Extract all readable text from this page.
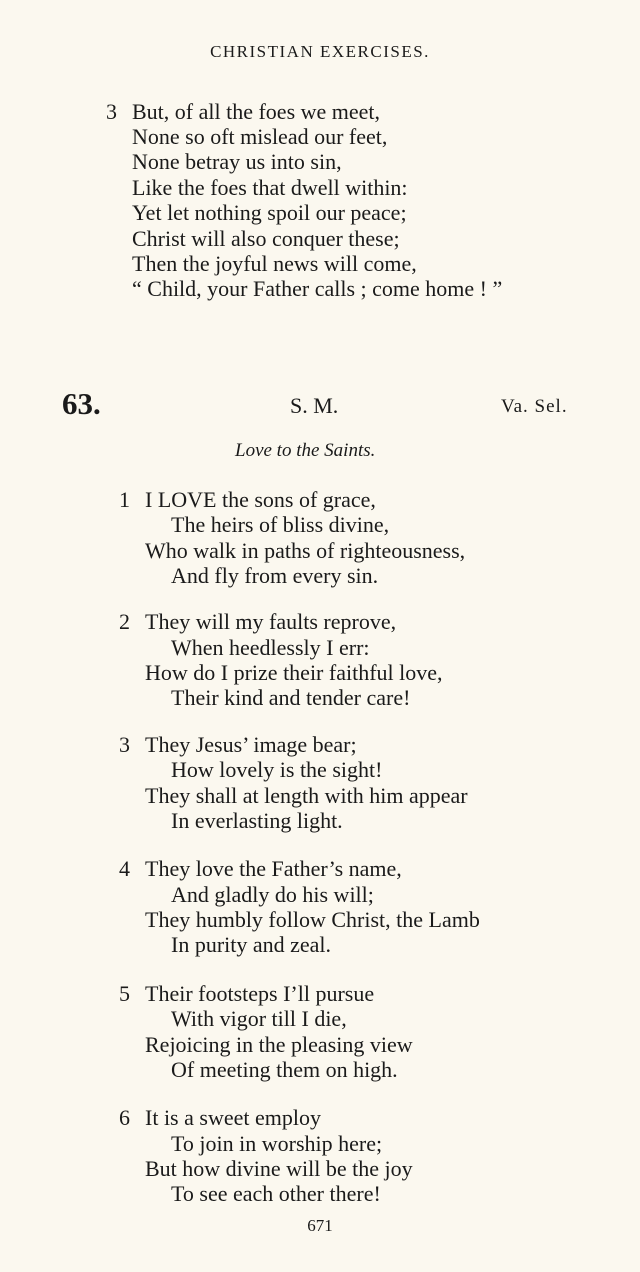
CHRISTIAN EXERCISES.
3 But, of all the foes we meet,
None so oft mislead our feet,
None betray us into sin,
Like the foes that dwell within:
Yet let nothing spoil our peace;
Christ will also conquer these;
Then the joyful news will come,
“ Child, your Father calls ; come home ! ”
63.	S. M.	Va. Sel.
Love to the Saints.
1 I LOVE the sons of grace,
The heirs of bliss divine,
Who walk in paths of righteousness,
And fly from every sin.
2 They will my faults reprove,
When heedlessly I err:
How do I prize their faithful love,
Their kind and tender care!
3 They Jesus’ image bear;
How lovely is the sight!
They shall at length with him appear
In everlasting light.
4 They love the Father’s name,
And gladly do his will;
They humbly follow Christ, the Lamb
In purity and zeal.
5 Their footsteps I’ll pursue
With vigor till I die,
Rejoicing in the pleasing view
Of meeting them on high.
6 It is a sweet employ
To join in worship here;
But how divine will be the joy
To see each other there!
671
